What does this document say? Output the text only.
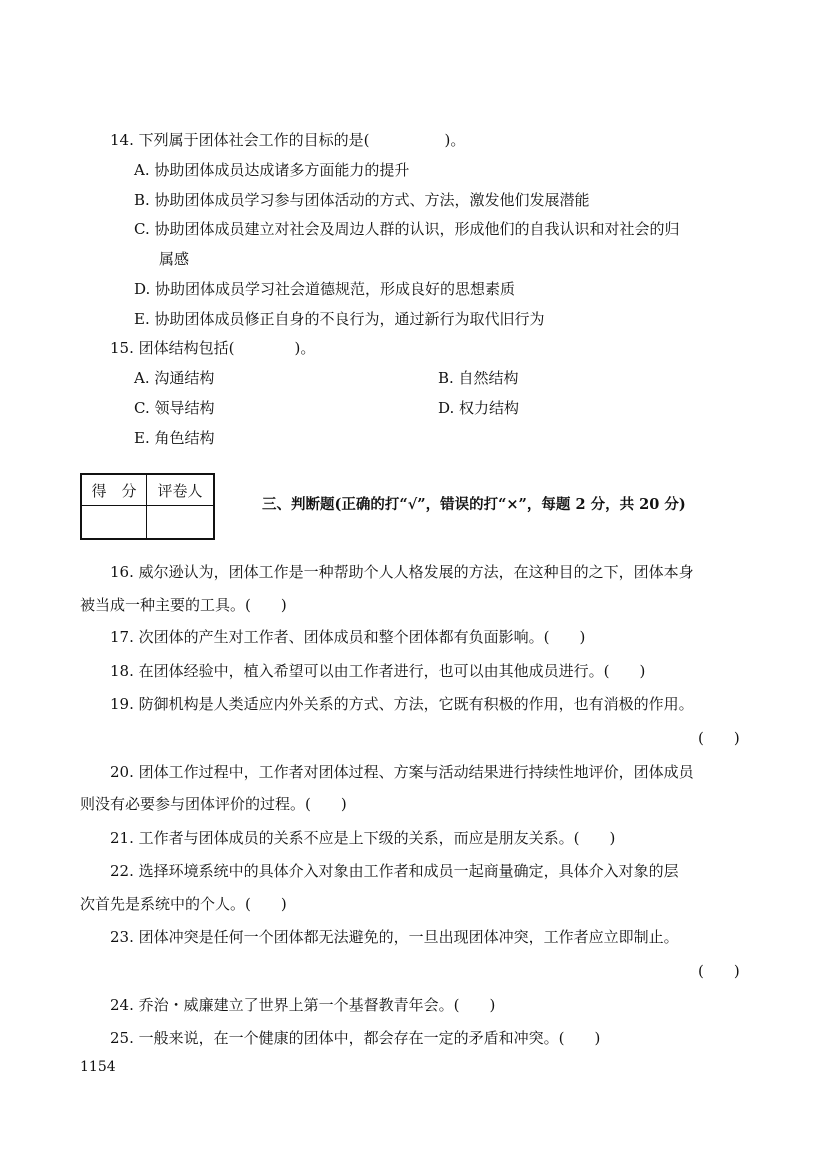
14. 下列属于团体社会工作的目标的是(　　　　　)。
A. 协助团体成员达成诸多方面能力的提升
B. 协助团体成员学习参与团体活动的方式、方法，激发他们发展潜能
C. 协助团体成员建立对社会及周边人群的认识，形成他们的自我认识和对社会的归
属感
D. 协助团体成员学习社会道德规范，形成良好的思想素质
E. 协助团体成员修正自身的不良行为，通过新行为取代旧行为
15. 团体结构包括(　　　　)。
A. 沟通结构	B. 自然结构
C. 领导结构	D. 权力结构
E. 角色结构
得　分	评卷人

三、判断题(正确的打“√”，错误的打“×”，每题 2 分，共 20 分)
16. 威尔逊认为，团体工作是一种帮助个人人格发展的方法，在这种目的之下，团体本身
被当成一种主要的工具。(　　)
17. 次团体的产生对工作者、团体成员和整个团体都有负面影响。(　　)
18. 在团体经验中，植入希望可以由工作者进行，也可以由其他成员进行。(　　)
19. 防御机构是人类适应内外关系的方式、方法，它既有积极的作用，也有消极的作用。
(　　)
20. 团体工作过程中，工作者对团体过程、方案与活动结果进行持续性地评价，团体成员
则没有必要参与团体评价的过程。(　　)
21. 工作者与团体成员的关系不应是上下级的关系，而应是朋友关系。(　　)
22. 选择环境系统中的具体介入对象由工作者和成员一起商量确定，具体介入对象的层
次首先是系统中的个人。(　　)
23. 团体冲突是任何一个团体都无法避免的，一旦出现团体冲突，工作者应立即制止。
(　　)
24. 乔治・威廉建立了世界上第一个基督教青年会。(　　)
25. 一般来说，在一个健康的团体中，都会存在一定的矛盾和冲突。(　　)
1154
